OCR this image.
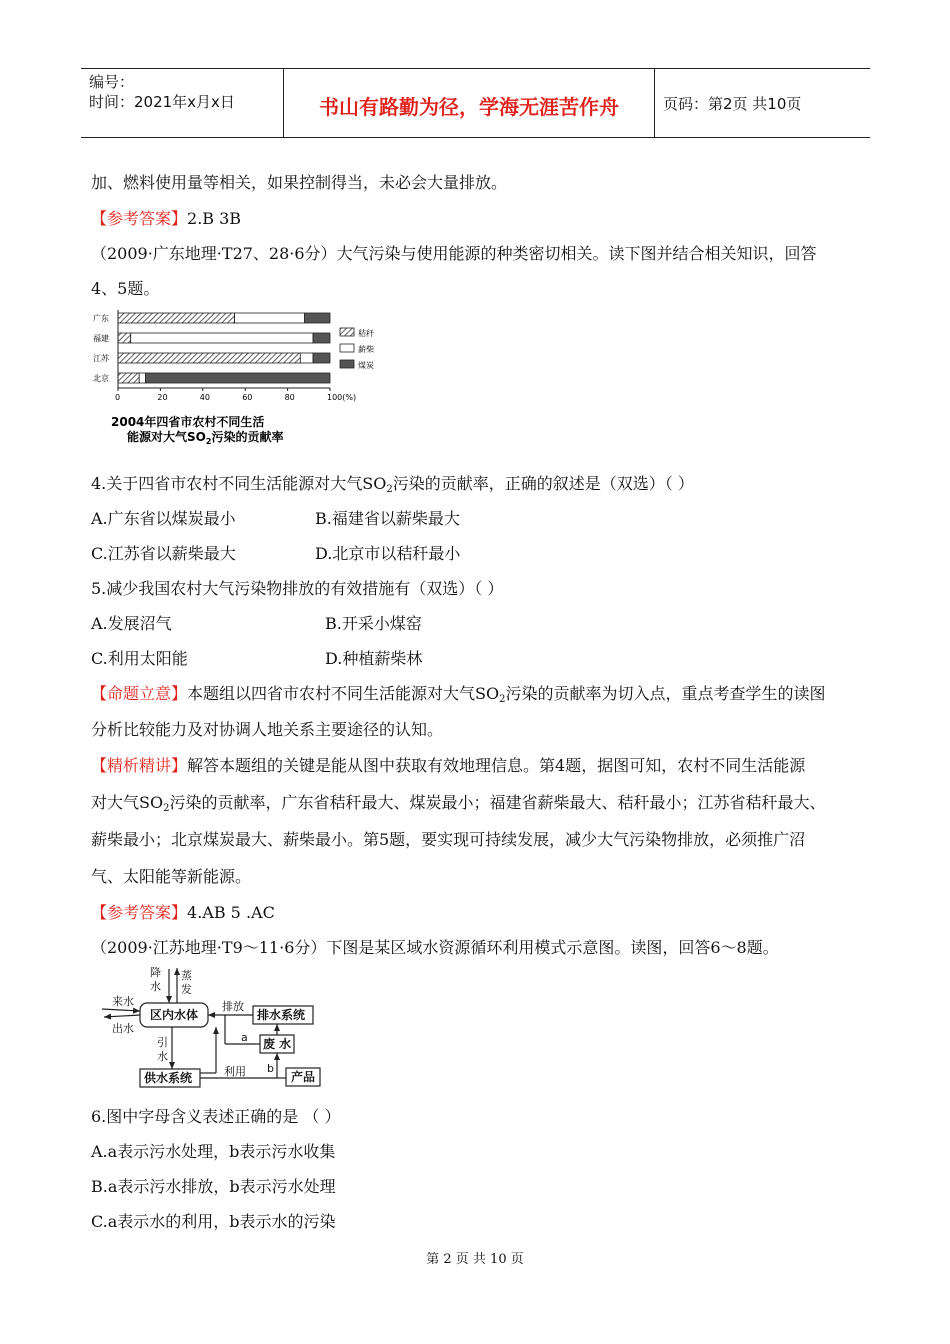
编号：
时间：2021年x月x日	书山有路勤为径，学海无涯苦作舟	页码：第2页 共10页
加、燃料使用量等相关，如果控制得当，未必会大量排放。
【参考答案】2.B 3B
（2009·广东地理·T27、28·6分）大气污染与使用能源的种类密切相关。读下图并结合相关知识，回答
4、5题。
广东
福建
江苏
北京
0	20	40	60	80	100(%)
秸秆
薪柴
煤炭
2004年四省市农村不同生活
能源对大气$SO_2$污染的贡献率
4.关于四省市农村不同生活能源对大气$SO_2$污染的贡献率，正确的叙述是（双选）（ ）
A.广东省以煤炭最小	B.福建省以薪柴最大
C.江苏省以薪柴最大	D.北京市以秸秆最小
5.减少我国农村大气污染物排放的有效措施有（双选）（ ）
A.发展沼气	B.开采小煤窑
C.利用太阳能	D.种植薪柴林
【命题立意】本题组以四省市农村不同生活能源对大气$SO_2$污染的贡献率为切入点，重点考查学生的读图
分析比较能力及对协调人地关系主要途径的认知。
【精析精讲】解答本题组的关键是能从图中获取有效地理信息。第4题，据图可知，农村不同生活能源
对大气$SO_2$污染的贡献率，广东省秸秆最大、煤炭最小；福建省薪柴最大、秸秆最小；江苏省秸秆最大、
薪柴最小；北京煤炭最大、薪柴最小。第5题，要实现可持续发展，减少大气污染物排放，必须推广沼
气、太阳能等新能源。
【参考答案】4.AB 5 .AC
（2009·江苏地理·T9～11·6分）下图是某区域水资源循环利用模式示意图。读图，回答6～8题。
降
水
蒸
发
来水
出水
排放
a
引
水
利用 b
区内水体	排水系统
废 水
供水系统	产品
6.图中字母含义表述正确的是 （ ）
A.a表示污水处理，b表示污水收集
B.a表示污水排放，b表示污水处理
C.a表示水的利用，b表示水的污染
第 2 页 共 10 页
